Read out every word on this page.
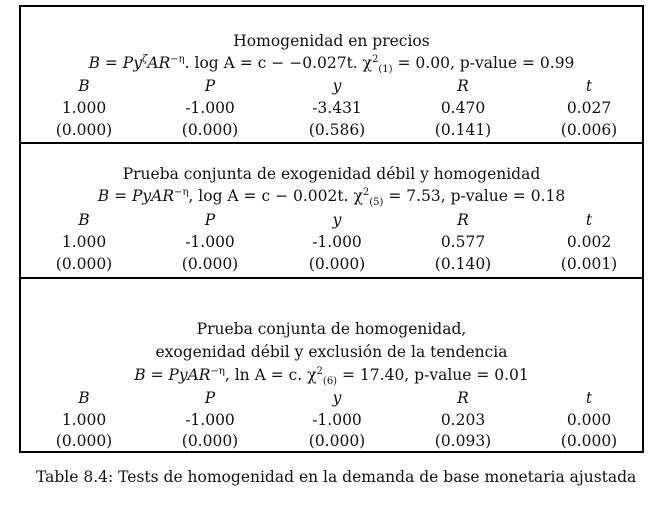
Homogenidad en precios
$B = Py^\zeta AR^{-\eta}$. log A = c − −0.027t. $\chi^2_{(1)} = 0.00$, p-value = 0.99
B	P	y	R	t
1.000	-1.000	-3.431	0.470	0.027
(0.000)	(0.000)	(0.586)	(0.141)	(0.006)
Prueba conjunta de exogenidad débil y homogenidad
B = PyAR$^{-\eta}$, log A = c − 0.002t. $\chi^2_{(5)} = 7.53$, p-value = 0.18
B	P	y	R	t
1.000	-1.000	-1.000	0.577	0.002
(0.000)	(0.000)	(0.000)	(0.140)	(0.001)
Prueba conjunta de homogenidad,
exogenidad débil y exclusión de la tendencia
B = PyAR$^{-\eta}$, ln A = c. $\chi^2_{(6)} = 17.40$, p-value = 0.01
B	P	y	R	t
1.000	-1.000	-1.000	0.203	0.000
(0.000)	(0.000)	(0.000)	(0.093)	(0.000)
Table 8.4: Tests de homogenidad en la demanda de base monetaria ajustada
